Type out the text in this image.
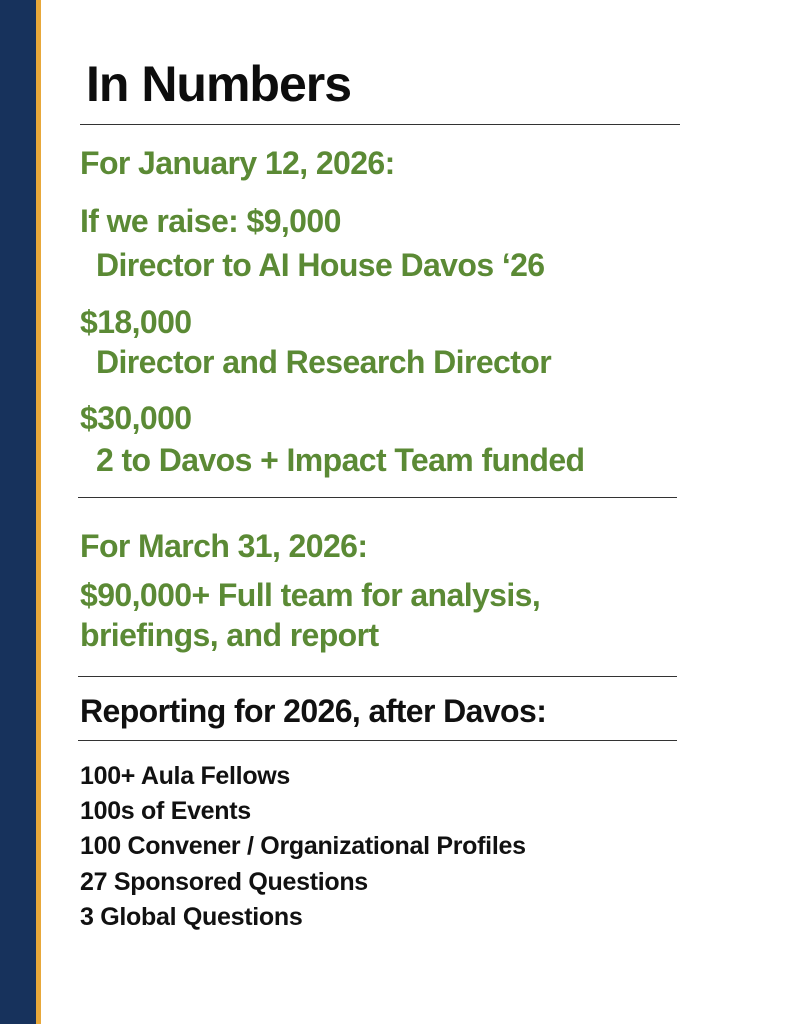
In Numbers
For January 12, 2026:
If we raise: $9,000
Director to AI House Davos ‘26
$18,000
Director and Research Director
$30,000
2 to Davos + Impact Team funded
For March 31, 2026:
$90,000+ Full team for analysis,
briefings, and report
Reporting for 2026, after Davos:
100+ Aula Fellows
100s of Events
100 Convener / Organizational Profiles
27 Sponsored Questions
3 Global Questions
